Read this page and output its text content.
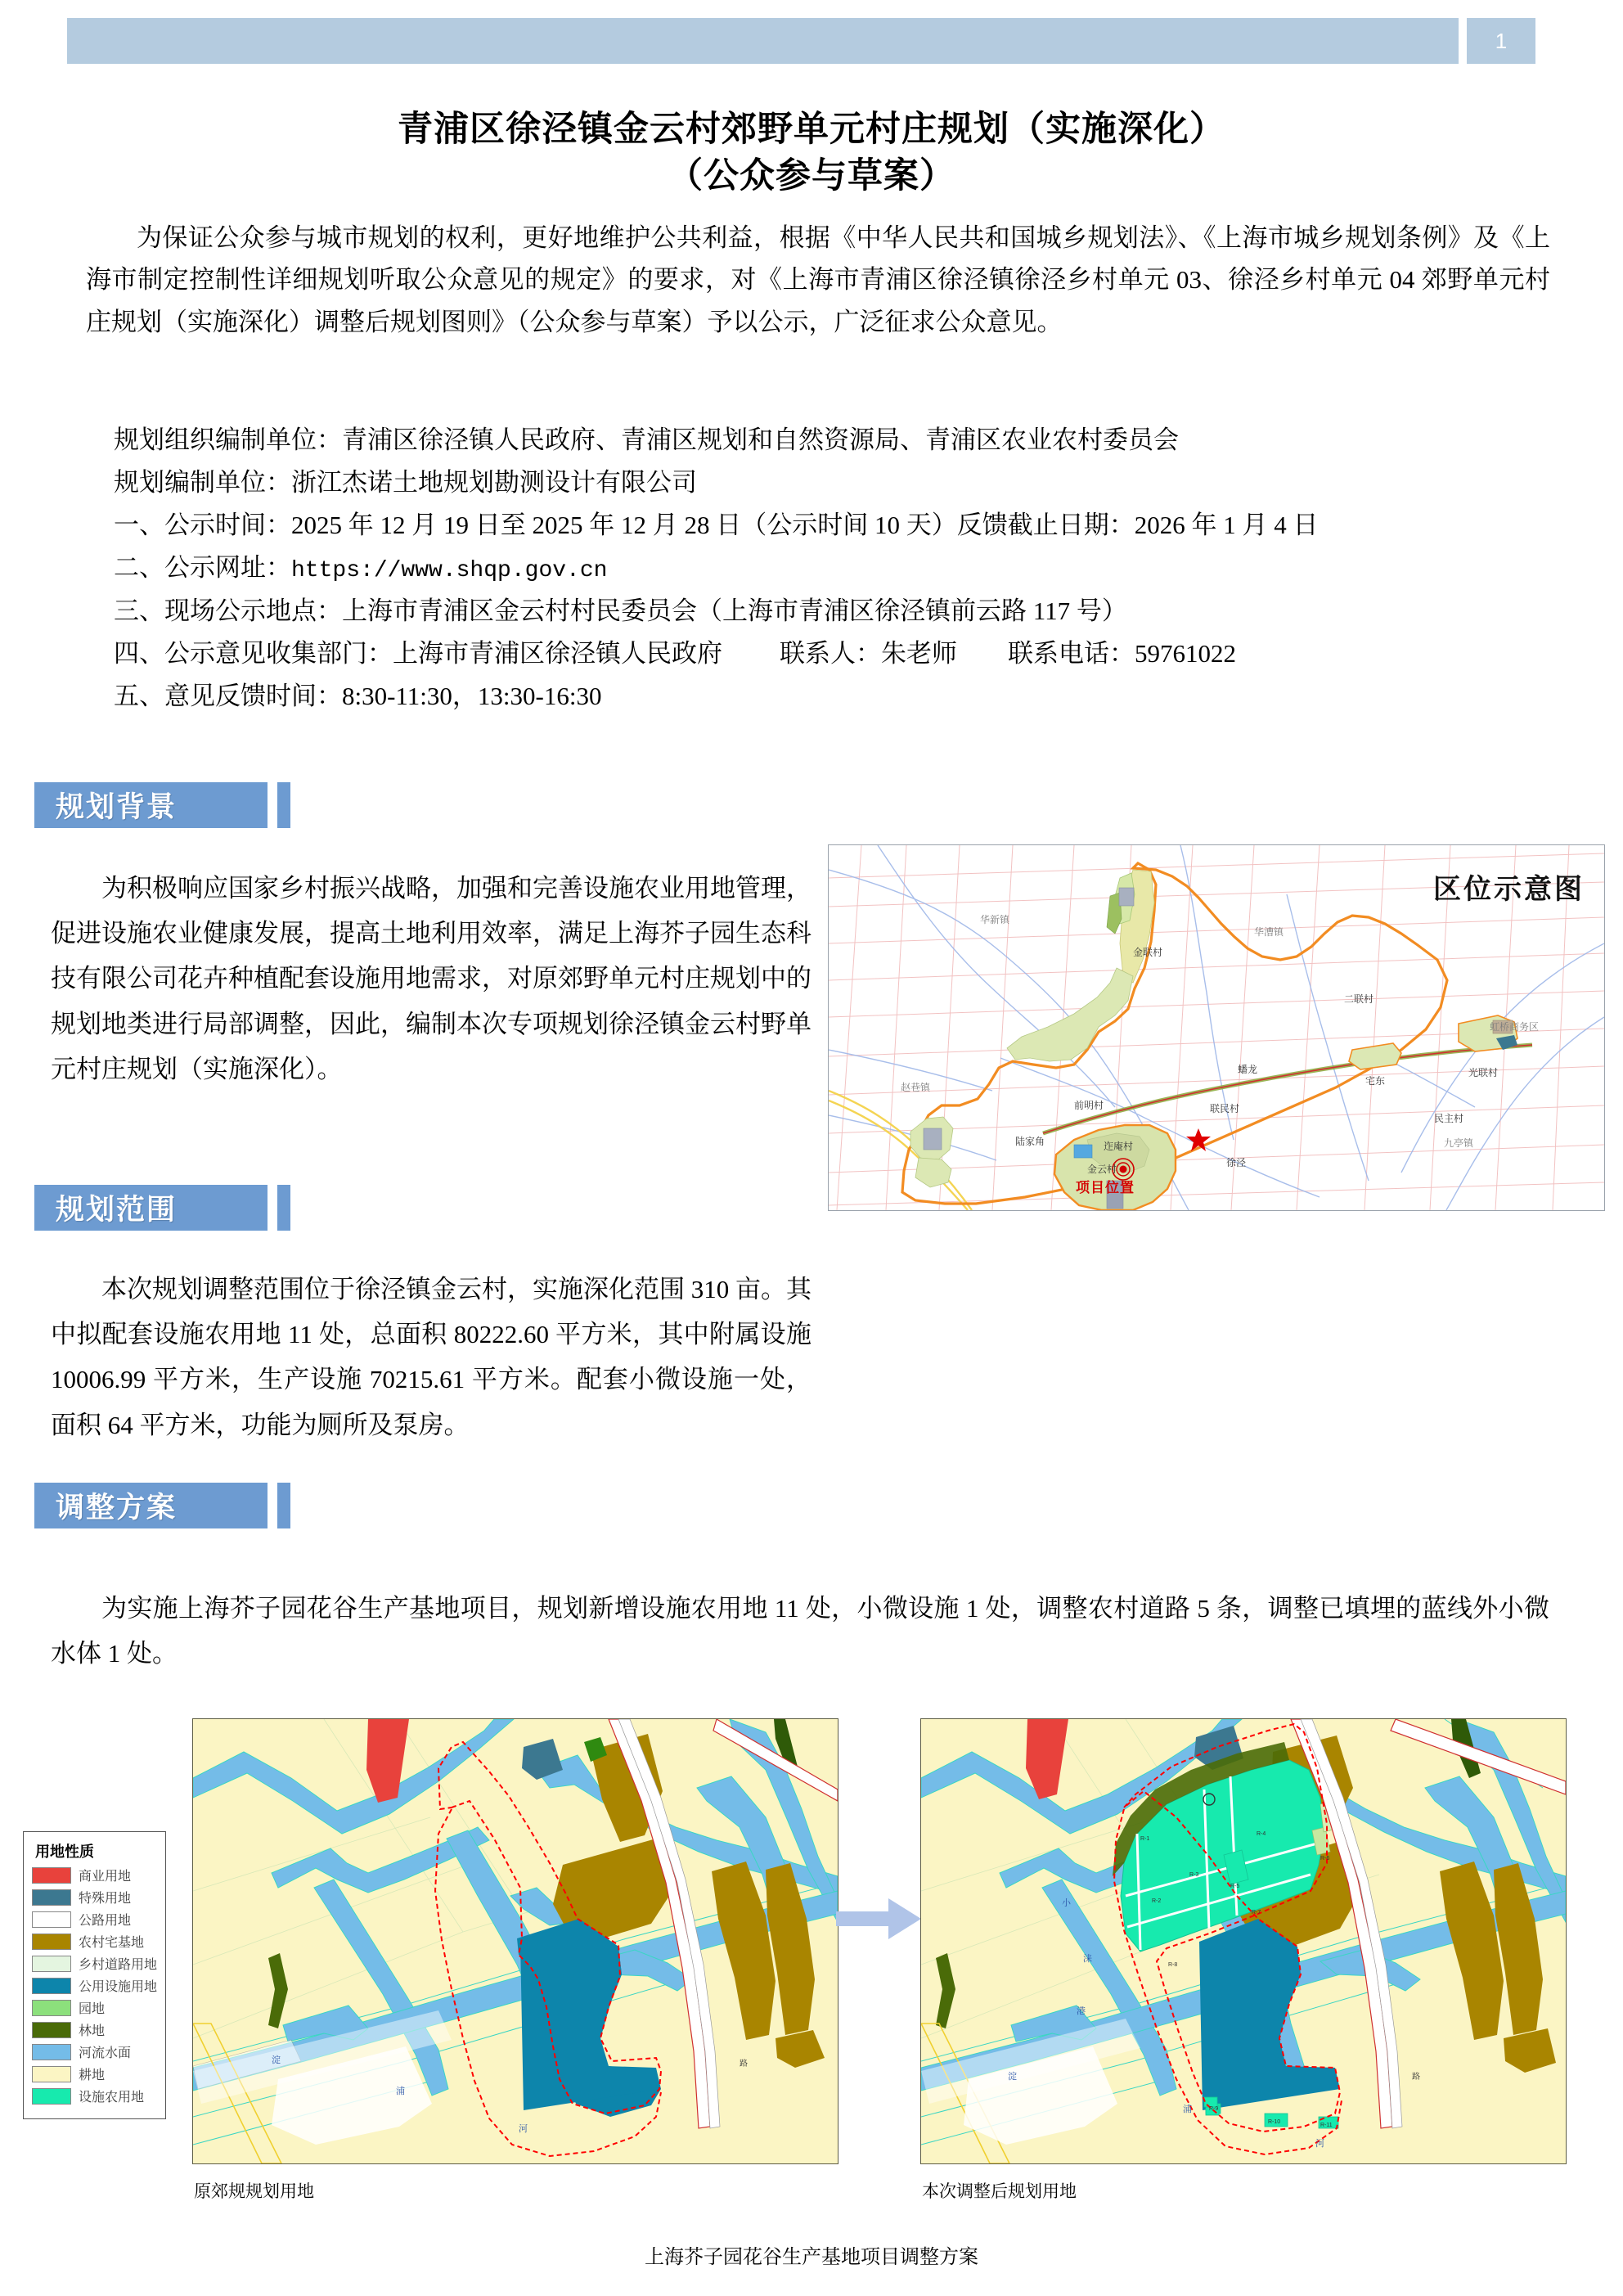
1
青浦区徐泾镇金云村郊野单元村庄规划（实施深化）
（公众参与草案）
为保证公众参与城市规划的权利，更好地维护公共利益，根据《中华人民共和国城乡规划法》、《上海市城乡规划条例》及《上海市制定控制性详细规划听取公众意见的规定》的要求，对《上海市青浦区徐泾镇徐泾乡村单元 03、徐泾乡村单元 04 郊野单元村庄规划（实施深化）调整后规划图则》（公众参与草案）予以公示，广泛征求公众意见。
规划组织编制单位：青浦区徐泾镇人民政府、青浦区规划和自然资源局、青浦区农业农村委员会
规划编制单位：浙江杰诺土地规划勘测设计有限公司
一、公示时间：2025 年 12 月 19 日至 2025 年 12 月 28 日（公示时间 10 天）反馈截止日期：2026 年 1 月 4 日
二、公示网址：https://www.shqp.gov.cn
三、现场公示地点：上海市青浦区金云村村民委员会（上海市青浦区徐泾镇前云路 117 号）
四、公示意见收集部门：上海市青浦区徐泾镇人民政府 联系人：朱老师 联系电话：59761022
五、意见反馈时间：8:30-11:30，13:30-16:30
规划背景
为积极响应国家乡村振兴战略，加强和完善设施农业用地管理，促进设施农业健康发展，提高土地利用效率，满足上海芥子园生态科技有限公司花卉种植配套设施用地需求，对原郊野单元村庄规划中的规划地类进行局部调整，因此，编制本次专项规划徐泾镇金云村野单元村庄规划（实施深化）。
规划范围
本次规划调整范围位于徐泾镇金云村，实施深化范围 310 亩。其中拟配套设施农用地 11 处，总面积 80222.60 平方米，其中附属设施 10006.99 平方米，生产设施 70215.61 平方米。配套小微设施一处，面积 64 平方米，功能为厕所及泵房。
调整方案
为实施上海芥子园花谷生产基地项目，规划新增设施农用地 11 处，小微设施 1 处，调整农村道路 5 条，调整已填埋的蓝线外小微水体 1 处。
区位示意图
华新镇
华漕镇
虹桥商务区
金联村
二联村
蟠龙
民主村
陆家角	迮庵村
徐泾
宅东
光联村
赵巷镇
前明村	联民村
九亭镇
金云村
项目位置
用地性质
商业用地
特殊用地
公路用地
农村宅基地
乡村道路用地
公用设施用地
园地
林地
河流水面
耕地
设施农用地
淀
浦
河
路
R-1
R-2
R-3
R-4
R-5
R-6
R-7
R-8
R-9
R-10
R-11
淀
浦
河
路
小
涞
港
原郊规规划用地	本次调整后规划用地
上海芥子园花谷生产基地项目调整方案
